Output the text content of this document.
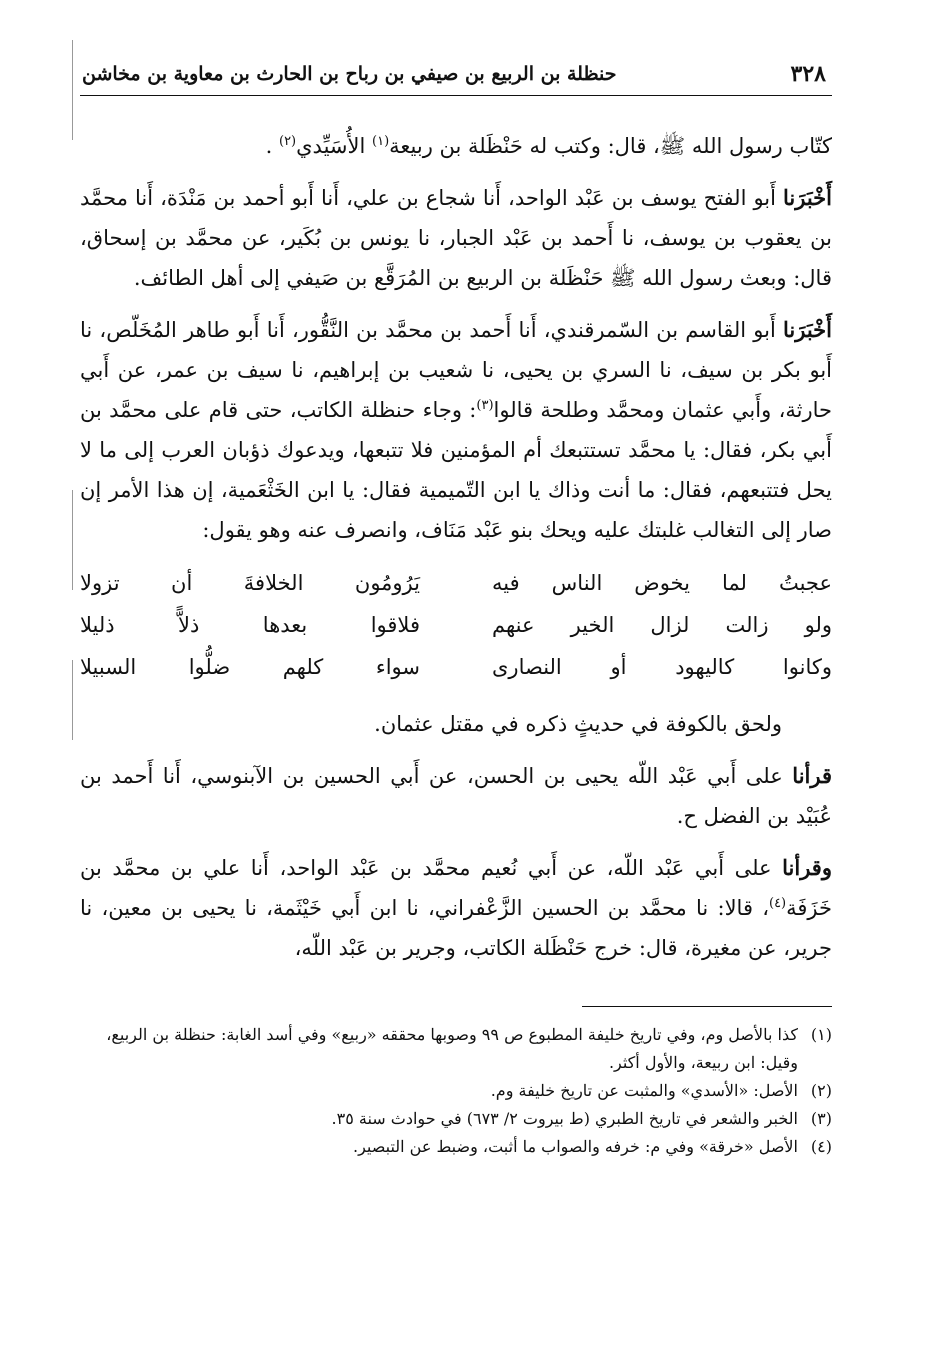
٣٢٨
حنظلة بن الربيع بن صيفي بن رباح بن الحارث بن معاوية بن مخاشن

كتّاب رسول الله ﷺ، قال: وكتب له حَنْظَلة بن ربيعة$^{(١)}$ الأُسَيِّدي$^{(٢)}$ .

أَخْبَرَنا أَبو الفتح يوسف بن عَبْد الواحد، أَنا شجاع بن علي، أَنا أَبو أحمد بن مَنْدَة، أَنا محمَّد بن يعقوب بن يوسف، نا أَحمد بن عَبْد الجبار، نا يونس بن بُكَير، عن محمَّد بن إسحاق، قال: وبعث رسول الله ﷺ حَنْظَلة بن الربيع بن المُرَقَّع بن صَيفي إلى أهل الطائف.

أَخْبَرَنا أَبو القاسم بن السّمرقندي، أَنا أَحمد بن محمَّد بن النَّقُّور، أَنا أَبو طاهر المُخَلّص، نا أَبو بكر بن سيف، نا السري بن يحيى، نا شعيب بن إبراهيم، نا سيف بن عمر، عن أَبي حارثة، وأَبي عثمان ومحمَّد وطلحة قالوا$^{(٣)}$: وجاء حنظلة الكاتب، حتى قام على محمَّد بن أَبي بكر، فقال: يا محمَّد تستتبعك أم المؤمنين فلا تتبعها، ويدعوك ذؤبان العرب إلى ما لا يحل فتتبعهم، فقال: ما أنت وذاك يا ابن التّميمية فقال: يا ابن الخَثْعَمية، إن هذا الأمر إن صار إلى التغالب غلبتك عليه ويحك بنو عَبْد مَنَاف، وانصرف عنه وهو يقول:

عجبتُ لما يخوض الناس فيه
يَرُومُون الخلافةَ أن تزولا
ولو زالت لزال الخير عنهم
فلاقوا بعدها ذلاًّ ذليلا
وكانوا كاليهود أو النصارى
سواء كلهم ضلُّوا السبيلا

ولحق بالكوفة في حديثٍ ذكره في مقتل عثمان.

قرأنا على أَبي عَبْد اللّه يحيى بن الحسن، عن أَبي الحسين بن الآبنوسي، أَنا أَحمد بن عُبَيْد بن الفضل ح.

وقرأنا على أَبي عَبْد اللّه، عن أَبي نُعيم محمَّد بن عَبْد الواحد، أَنا علي بن محمَّد بن خَزَفَة$^{(٤)}$، قالا: نا محمَّد بن الحسين الزَّعْفراني، نا ابن أَبي خَيْثَمة، نا يحيى بن معين، نا جرير، عن مغيرة، قال: خرج حَنْظَلة الكاتب، وجرير بن عَبْد اللّه،

(١)
كذا بالأصل وم، وفي تاريخ خليفة المطبوع ص ٩٩ وصوبها محققه «ربيع» وفي أسد الغابة: حنظلة بن الربيع، وقيل: ابن ربيعة، والأول أكثر.
(٢)
الأصل: «الأسدي» والمثبت عن تاريخ خليفة وم.
(٣)
الخبر والشعر في تاريخ الطبري (ط بيروت ٢/ ٦٧٣) في حوادث سنة ٣٥.
(٤)
الأصل «خرقة» وفي م: خرفه والصواب ما أثبت، وضبط عن التبصير.
